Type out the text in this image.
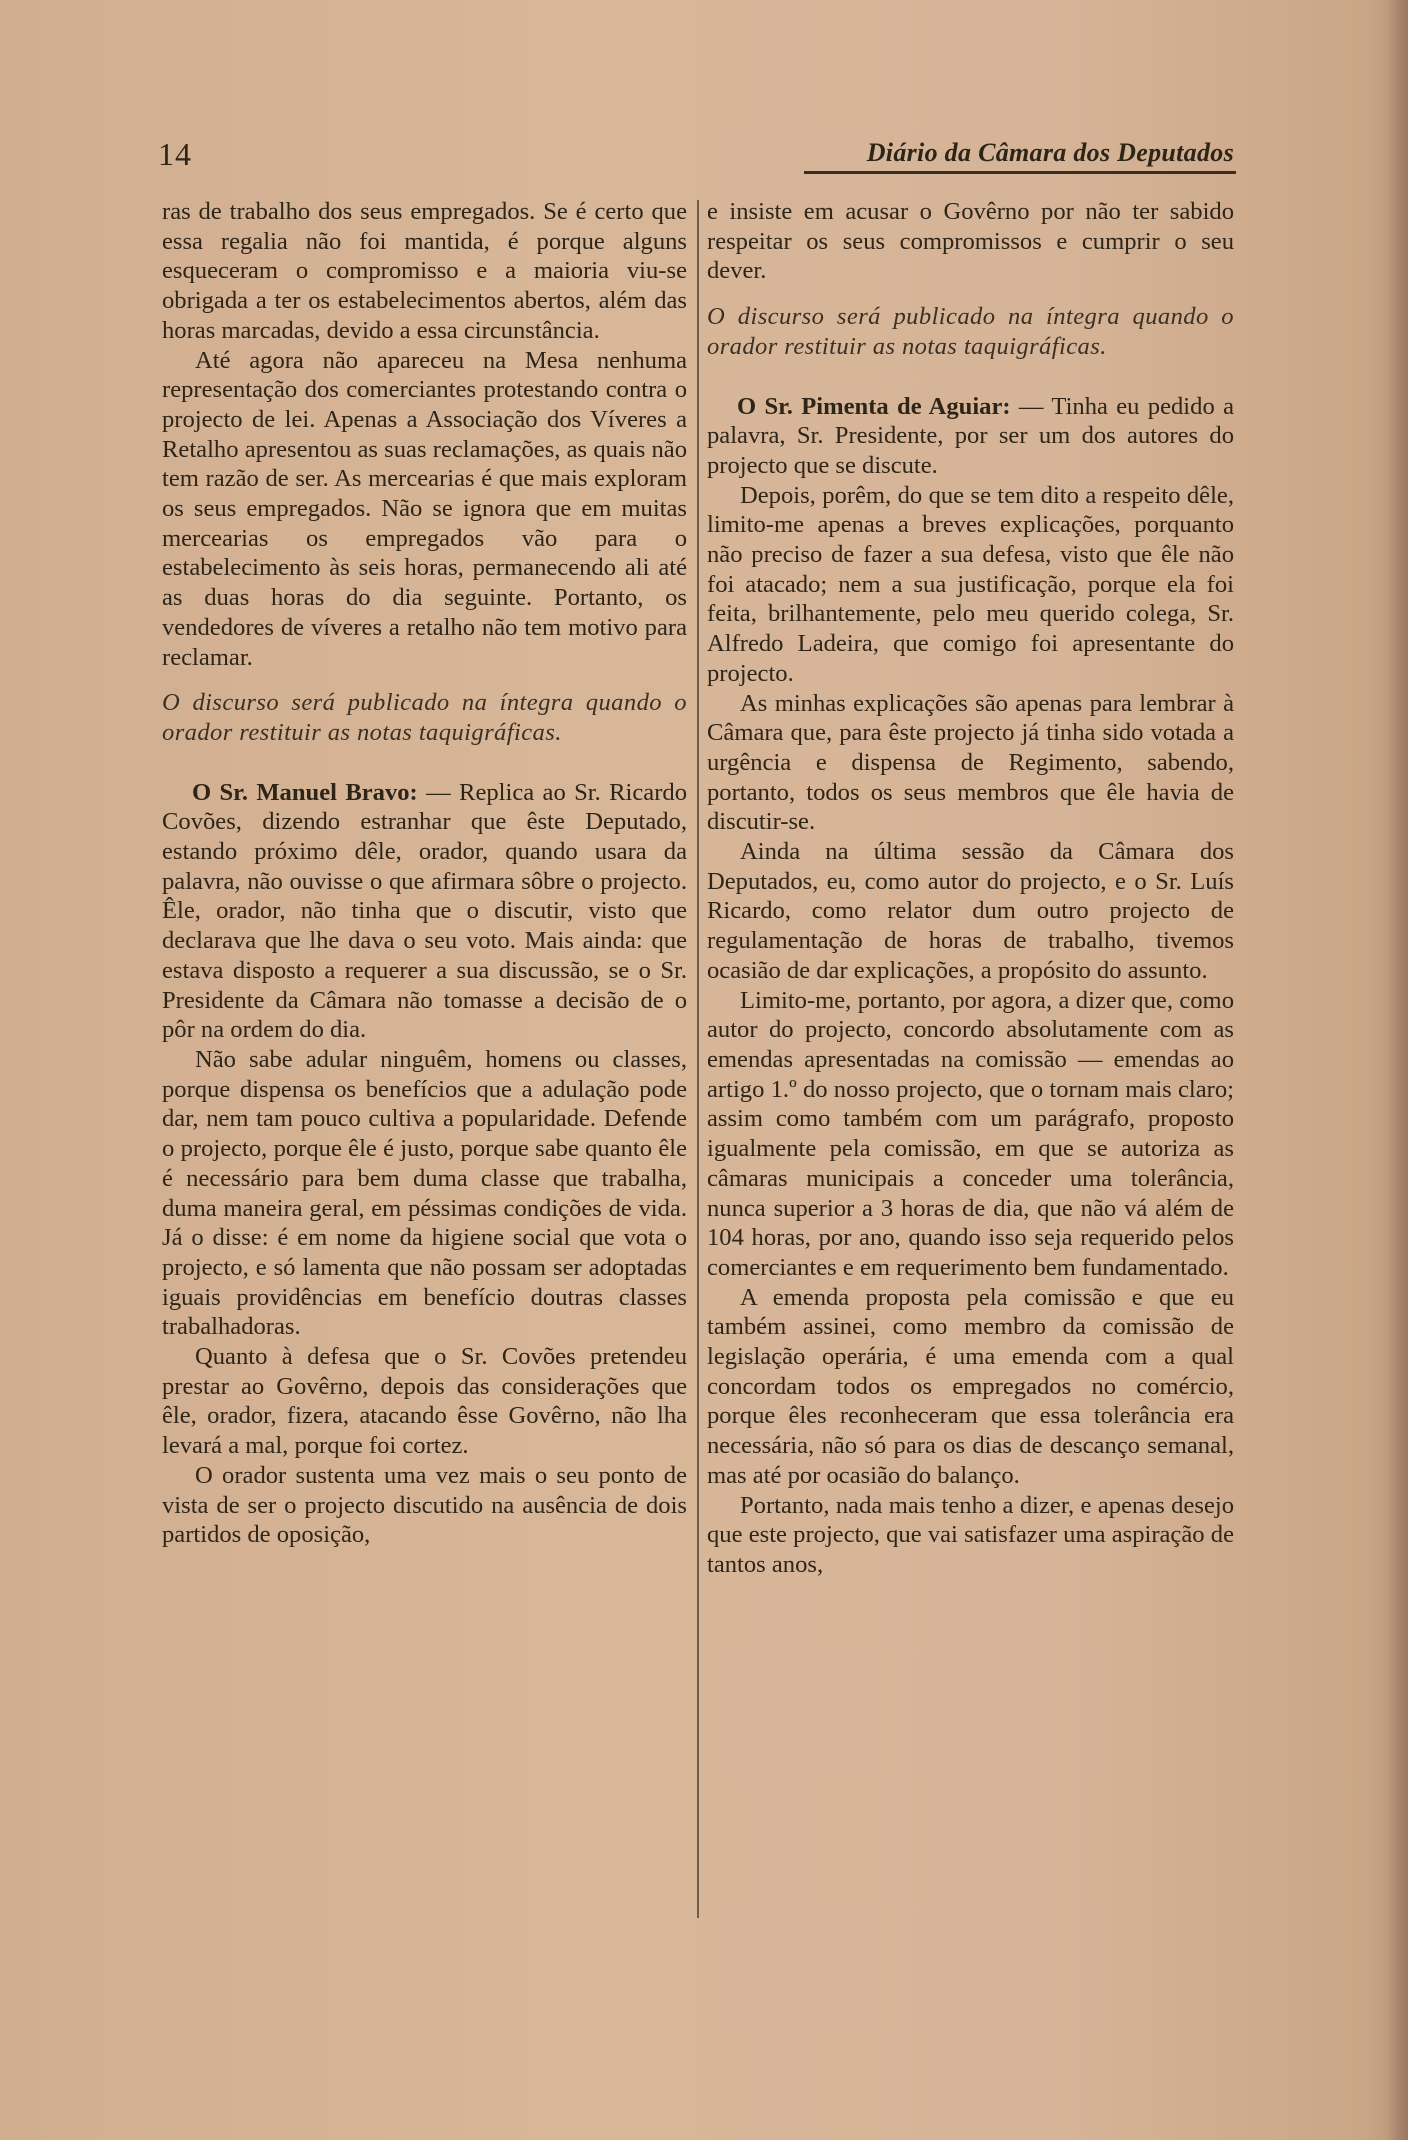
14	Diário da Câmara dos Deputados

ras de trabalho dos seus empregados. Se é certo que essa regalia não foi mantida, é porque alguns esqueceram o compromisso e a maioria viu-se obrigada a ter os estabelecimentos abertos, além das horas marcadas, devido a essa circunstância.

Até agora não apareceu na Mesa nenhuma representação dos comerciantes protestando contra o projecto de lei. Apenas a Associação dos Víveres a Retalho apresentou as suas reclamações, as quais não tem razão de ser. As mercearias é que mais exploram os seus empregados. Não se ignora que em muitas mercearias os empregados vão para o estabelecimento às seis horas, permanecendo ali até as duas horas do dia seguinte. Portanto, os vendedores de víveres a retalho não tem motivo para reclamar.

O discurso será publicado na íntegra quando o orador restituir as notas taquigráficas.

O Sr. Manuel Bravo: — Replica ao Sr. Ricardo Covões, dizendo estranhar que êste Deputado, estando próximo dêle, orador, quando usara da palavra, não ouvisse o que afirmara sôbre o projecto. Êle, orador, não tinha que o discutir, visto que declarava que lhe dava o seu voto. Mais ainda: que estava disposto a requerer a sua discussão, se o Sr. Presidente da Câmara não tomasse a decisão de o pôr na ordem do dia.

Não sabe adular ninguêm, homens ou classes, porque dispensa os benefícios que a adulação pode dar, nem tam pouco cultiva a popularidade. Defende o projecto, porque êle é justo, porque sabe quanto êle é necessário para bem duma classe que trabalha, duma maneira geral, em péssimas condições de vida. Já o disse: é em nome da higiene social que vota o projecto, e só lamenta que não possam ser adoptadas iguais providências em benefício doutras classes trabalhadoras.

Quanto à defesa que o Sr. Covões pretendeu prestar ao Govêrno, depois das considerações que êle, orador, fizera, atacando êsse Govêrno, não lha levará a mal, porque foi cortez.

O orador sustenta uma vez mais o seu ponto de vista de ser o projecto discutido na ausência de dois partidos de oposição,

e insiste em acusar o Govêrno por não ter sabido respeitar os seus compromissos e cumprir o seu dever.

O discurso será publicado na íntegra quando o orador restituir as notas taquigráficas.

O Sr. Pimenta de Aguiar: — Tinha eu pedido a palavra, Sr. Presidente, por ser um dos autores do projecto que se discute.

Depois, porêm, do que se tem dito a respeito dêle, limito-me apenas a breves explicações, porquanto não preciso de fazer a sua defesa, visto que êle não foi atacado; nem a sua justificação, porque ela foi feita, brilhantemente, pelo meu querido colega, Sr. Alfredo Ladeira, que comigo foi apresentante do projecto.

As minhas explicações são apenas para lembrar à Câmara que, para êste projecto já tinha sido votada a urgência e dispensa de Regimento, sabendo, portanto, todos os seus membros que êle havia de discutir-se.

Ainda na última sessão da Câmara dos Deputados, eu, como autor do projecto, e o Sr. Luís Ricardo, como relator dum outro projecto de regulamentação de horas de trabalho, tivemos ocasião de dar explicações, a propósito do assunto.

Limito-me, portanto, por agora, a dizer que, como autor do projecto, concordo absolutamente com as emendas apresentadas na comissão — emendas ao artigo 1.º do nosso projecto, que o tornam mais claro; assim como também com um parágrafo, proposto igualmente pela comissão, em que se autoriza as câmaras municipais a conceder uma tolerância, nunca superior a 3 horas de dia, que não vá além de 104 horas, por ano, quando isso seja requerido pelos comerciantes e em requerimento bem fundamentado.

A emenda proposta pela comissão e que eu também assinei, como membro da comissão de legislação operária, é uma emenda com a qual concordam todos os empregados no comércio, porque êles reconheceram que essa tolerância era necessária, não só para os dias de descanço semanal, mas até por ocasião do balanço.

Portanto, nada mais tenho a dizer, e apenas desejo que este projecto, que vai satisfazer uma aspiração de tantos anos,
